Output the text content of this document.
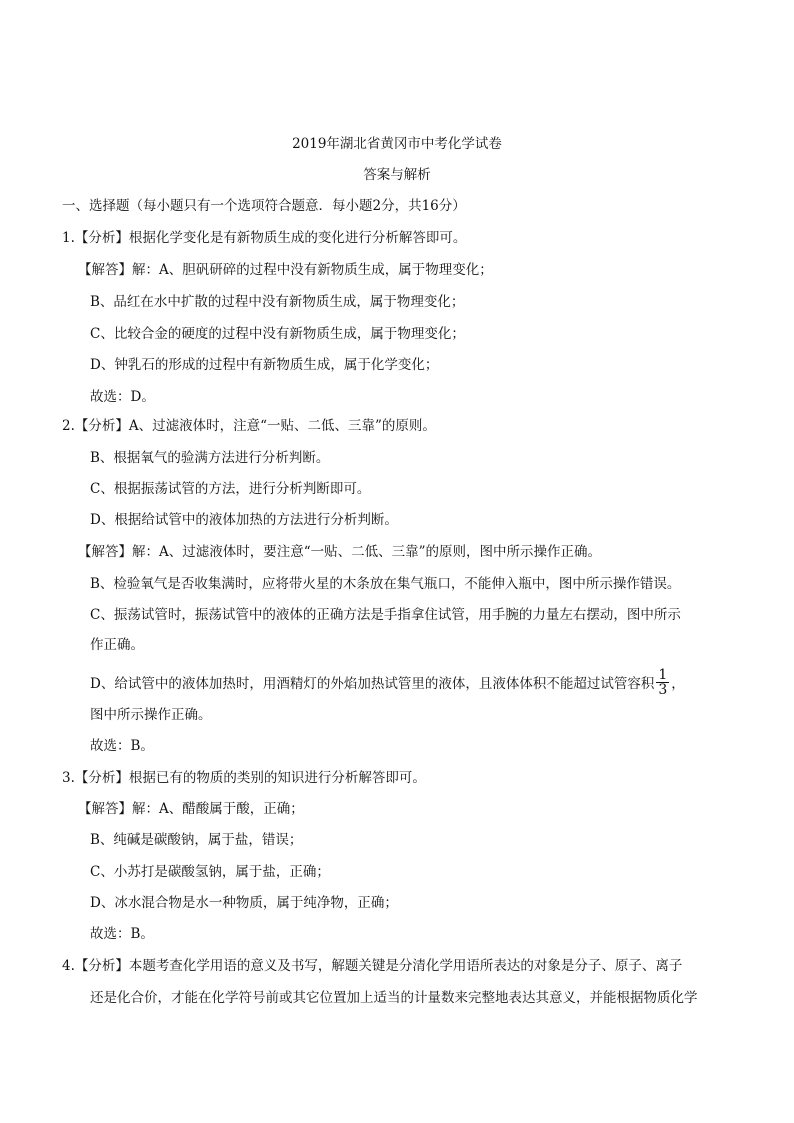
2019年湖北省黄冈市中考化学试卷
答案与解析
一、选择题（每小题只有一个选项符合题意．每小题2分，共16分）
1.【分析】根据化学变化是有新物质生成的变化进行分析解答即可。
【解答】解：A、胆矾研碎的过程中没有新物质生成，属于物理变化；
B、品红在水中扩散的过程中没有新物质生成，属于物理变化；
C、比较合金的硬度的过程中没有新物质生成，属于物理变化；
D、钟乳石的形成的过程中有新物质生成，属于化学变化；
故选：D。
2.【分析】A、过滤液体时，注意“一贴、二低、三靠”的原则。
B、根据氧气的验满方法进行分析判断。
C、根据振荡试管的方法，进行分析判断即可。
D、根据给试管中的液体加热的方法进行分析判断。
【解答】解：A、过滤液体时，要注意“一贴、二低、三靠”的原则，图中所示操作正确。
B、检验氧气是否收集满时，应将带火星的木条放在集气瓶口，不能伸入瓶中，图中所示操作错误。
C、振荡试管时，振荡试管中的液体的正确方法是手指拿住试管，用手腕的力量左右摆动，图中所示
作正确。
D、给试管中的液体加热时，用酒精灯的外焰加热试管里的液体，且液体体积不能超过试管容积 $\frac{1}{3}$ ，
图中所示操作正确。
故选：B。
3.【分析】根据已有的物质的类别的知识进行分析解答即可。
【解答】解：A、醋酸属于酸，正确；
B、纯碱是碳酸钠，属于盐，错误；
C、小苏打是碳酸氢钠，属于盐，正确；
D、冰水混合物是水一种物质，属于纯净物，正确；
故选：B。
4.【分析】本题考查化学用语的意义及书写，解题关键是分清化学用语所表达的对象是分子、原子、离子
还是化合价，才能在化学符号前或其它位置加上适当的计量数来完整地表达其意义，并能根据物质化学
